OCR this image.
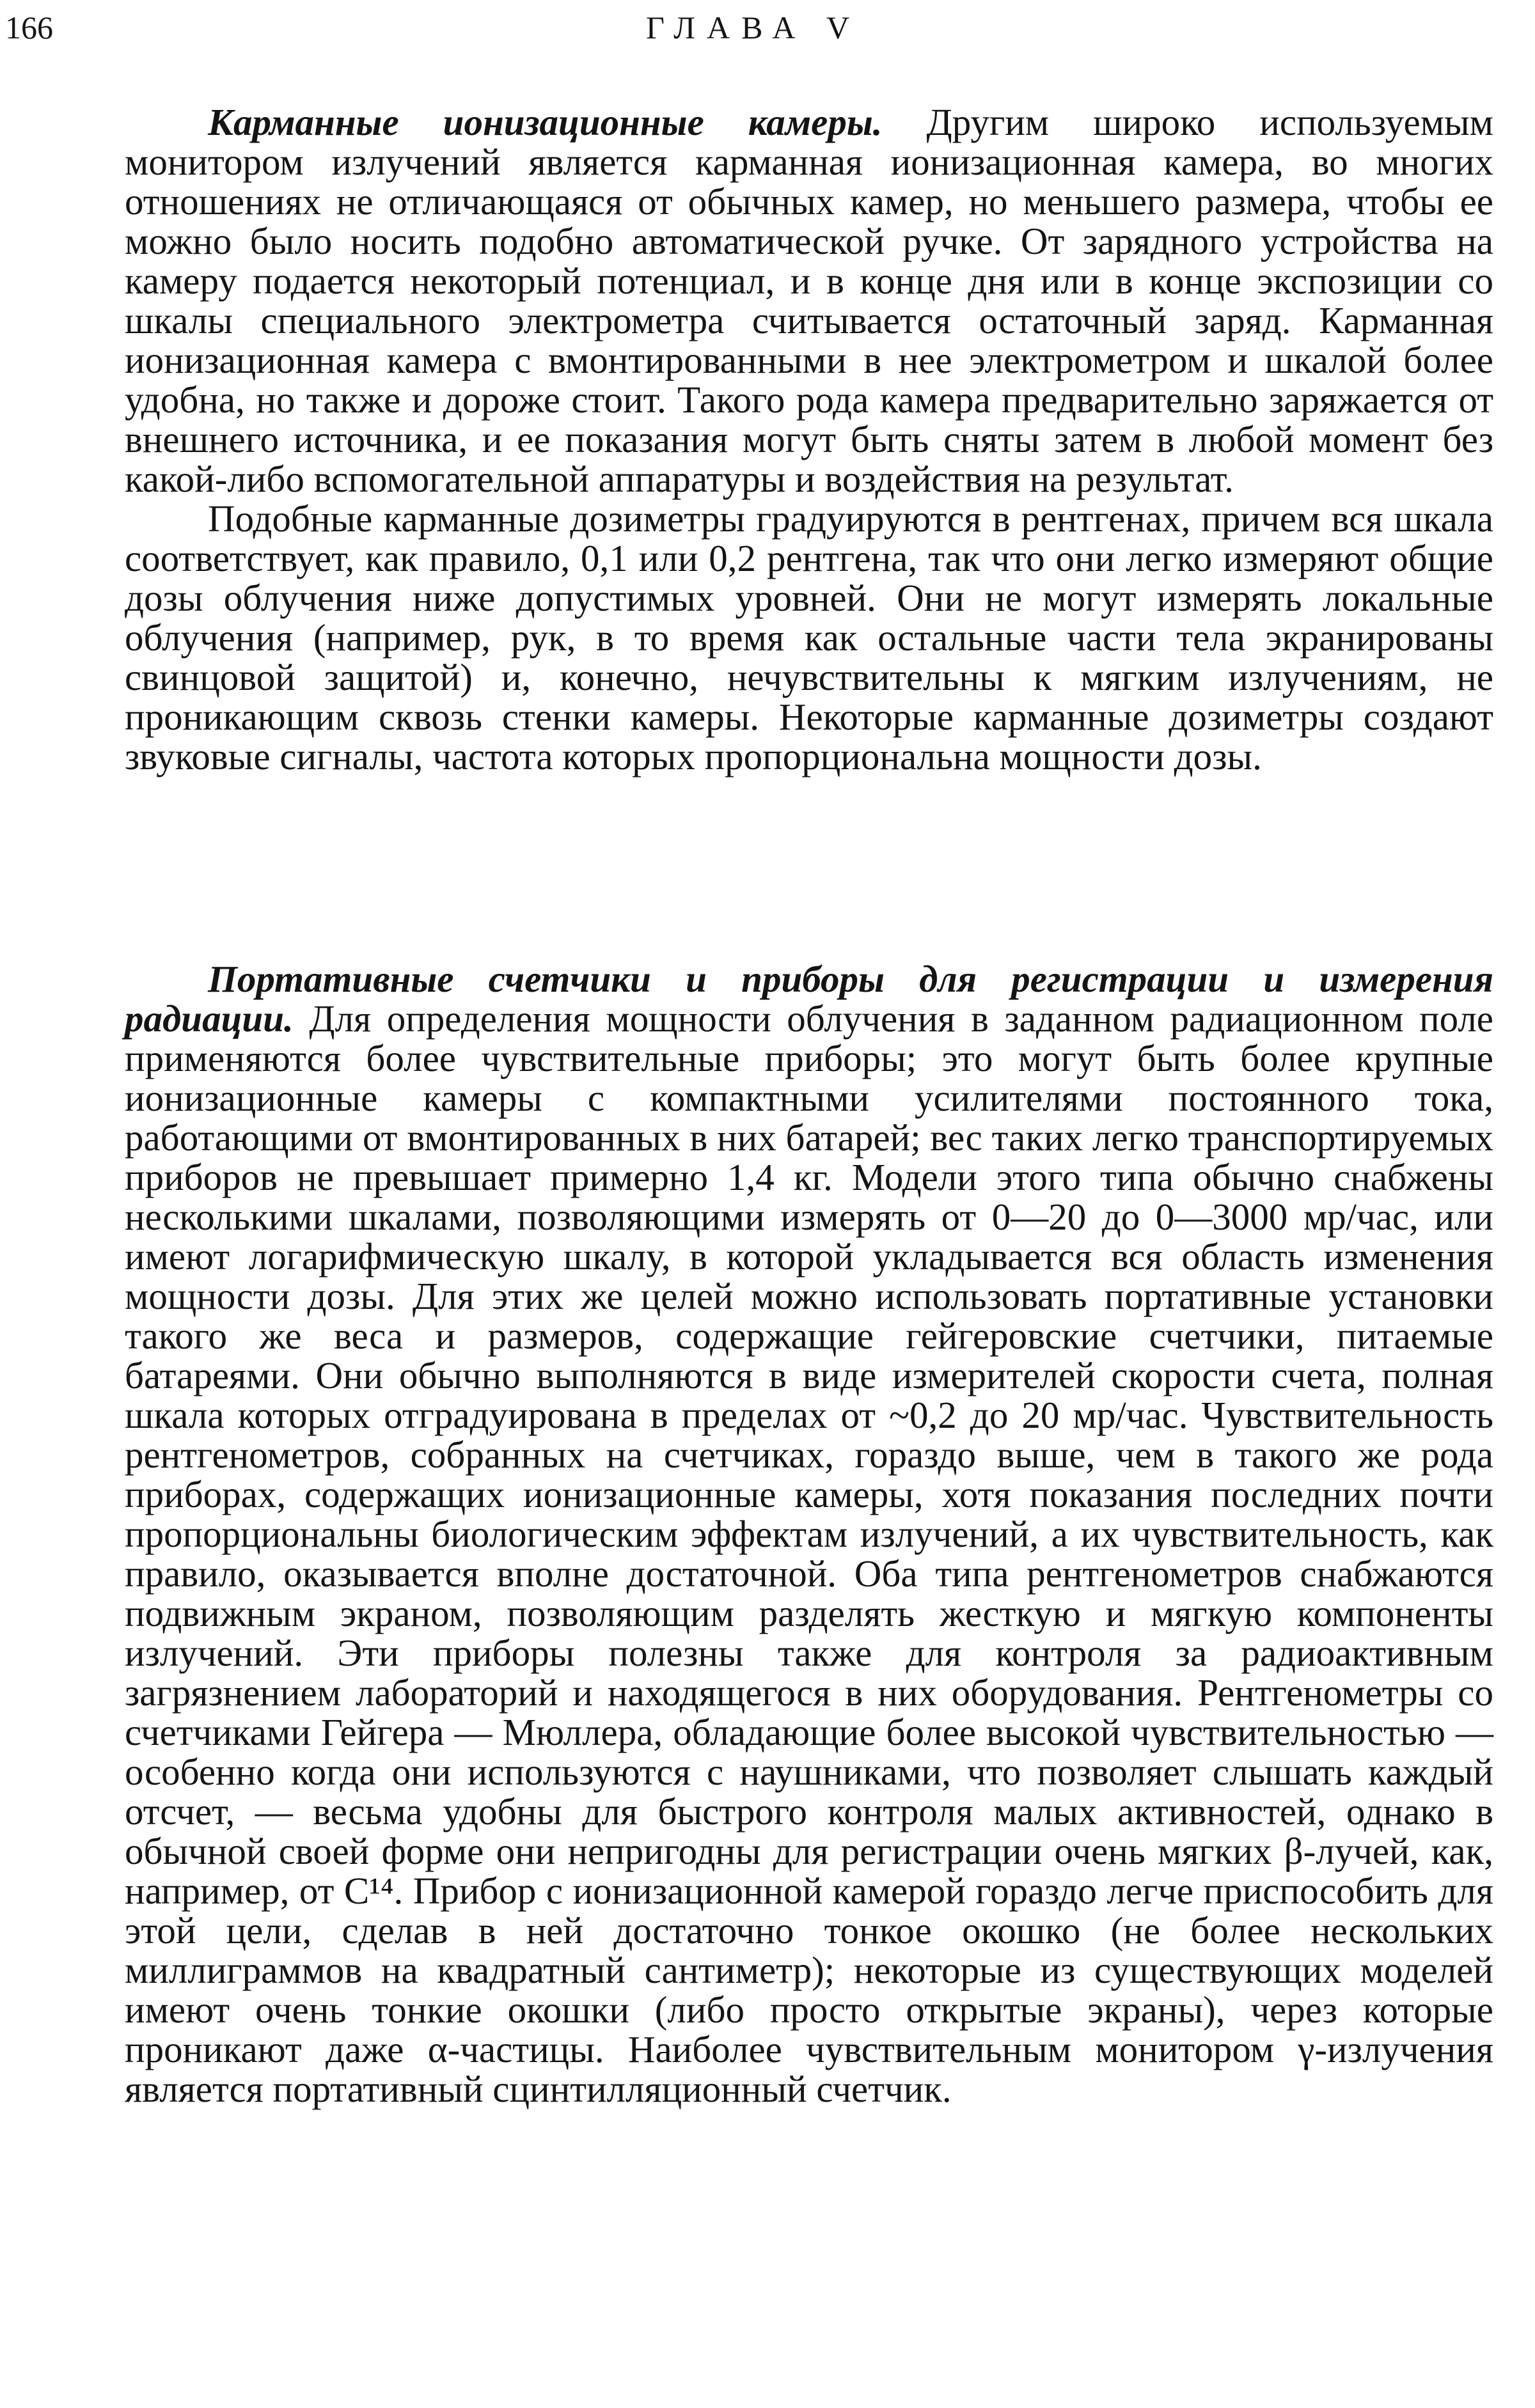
166	ГЛАВА V

Карманные ионизационные камеры. Другим широко используемым монитором излучений является карманная ионизационная камера, во многих отношениях не отличающаяся от обычных камер, но меньшего размера, чтобы ее можно было носить подобно автоматической ручке. От зарядного устройства на камеру подается некоторый потенциал, и в конце дня или в конце экспозиции со шкалы специального электрометра считывается остаточный заряд. Карманная ионизационная камера с вмонтированными в нее электрометром и шкалой более удобна, но также и дороже стоит. Такого рода камера предварительно заряжается от внешнего источника, и ее показания могут быть сняты затем в любой момент без какой-либо вспомогательной аппаратуры и воздействия на результат.

Подобные карманные дозиметры градуируются в рентгенах, причем вся шкала соответствует, как правило, 0,1 или 0,2 рентгена, так что они легко измеряют общие дозы облучения ниже допустимых уровней. Они не могут измерять локальные облучения (например, рук, в то время как остальные части тела экранированы свинцовой защитой) и, конечно, нечувствительны к мягким излучениям, не проникающим сквозь стенки камеры. Некоторые карманные дозиметры создают звуковые сигналы, частота которых пропорциональна мощности дозы.

Портативные счетчики и приборы для регистрации и измерения радиации. Для определения мощности облучения в заданном радиационном поле применяются более чувствительные приборы; это могут быть более крупные ионизационные камеры с компактными усилителями постоянного тока, работающими от вмонтированных в них батарей; вес таких легко транспортируемых приборов не превышает примерно 1,4 кг. Модели этого типа обычно снабжены несколькими шкалами, позволяющими измерять от 0—20 до 0—3000 мр/час, или имеют логарифмическую шкалу, в которой укладывается вся область изменения мощности дозы. Для этих же целей можно использовать портативные установки такого же веса и размеров, содержащие гейгеровские счетчики, питаемые батареями. Они обычно выполняются в виде измерителей скорости счета, полная шкала которых отградуирована в пределах от ~0,2 до 20 мр/час. Чувствительность рентгенометров, собранных на счетчиках, гораздо выше, чем в такого же рода приборах, содержащих ионизационные камеры, хотя показания последних почти пропорциональны биологическим эффектам излучений, а их чувствительность, как правило, оказывается вполне достаточной. Оба типа рентгенометров снабжаются подвижным экраном, позволяющим разделять жесткую и мягкую компоненты излучений. Эти приборы полезны также для контроля за радиоактивным загрязнением лабораторий и находящегося в них оборудования. Рентгенометры со счетчиками Гейгера — Мюллера, обладающие более высокой чувствительностью — особенно когда они используются с наушниками, что позволяет слышать каждый отсчет, — весьма удобны для быстрого контроля малых активностей, однако в обычной своей форме они непригодны для регистрации очень мягких β-лучей, как, например, от C¹⁴. Прибор с ионизационной камерой гораздо легче приспособить для этой цели, сделав в ней достаточно тонкое окошко (не более нескольких миллиграммов на квадратный сантиметр); некоторые из существующих моделей имеют очень тонкие окошки (либо просто открытые экраны), через которые проникают даже α-частицы. Наиболее чувствительным монитором γ-излучения является портативный сцинтилляционный счетчик.
